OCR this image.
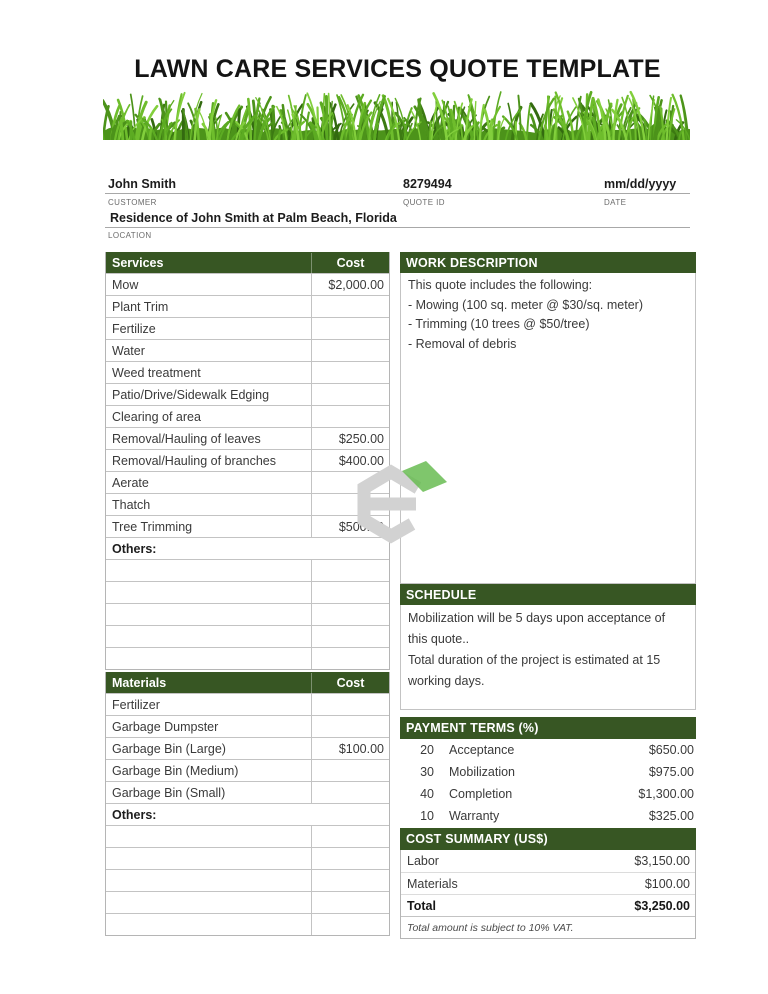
LAWN CARE SERVICES QUOTE TEMPLATE
John Smith	8279494	mm/dd/yyyy
CUSTOMER	QUOTE ID	DATE
Residence of John Smith at Palm Beach, Florida
LOCATION
Services	Cost
Mow	$2,000.00
Plant Trim
Fertilize
Water
Weed treatment
Patio/Drive/Sidewalk Edging
Clearing of area
Removal/Hauling of leaves	$250.00
Removal/Hauling of branches	$400.00
Aerate
Thatch
Tree Trimming	$500.00
Others:
Materials	Cost
Fertilizer
Garbage Dumpster
Garbage Bin (Large)	$100.00
Garbage Bin (Medium)
Garbage Bin (Small)
Others:
WORK DESCRIPTION
This quote includes the following:
- Mowing (100 sq. meter @ $30/sq. meter)
- Trimming (10 trees @ $50/tree)
- Removal of debris
SCHEDULE
Mobilization will be 5 days upon acceptance of this quote..
Total duration of the project is estimated at 15 working days.
PAYMENT TERMS (%)
20 Acceptance	$650.00
30 Mobilization	$975.00
40 Completion	$1,300.00
10 Warranty	$325.00
COST SUMMARY (US$)
Labor	$3,150.00
Materials	$100.00
Total	$3,250.00
Total amount is subject to 10% VAT.
